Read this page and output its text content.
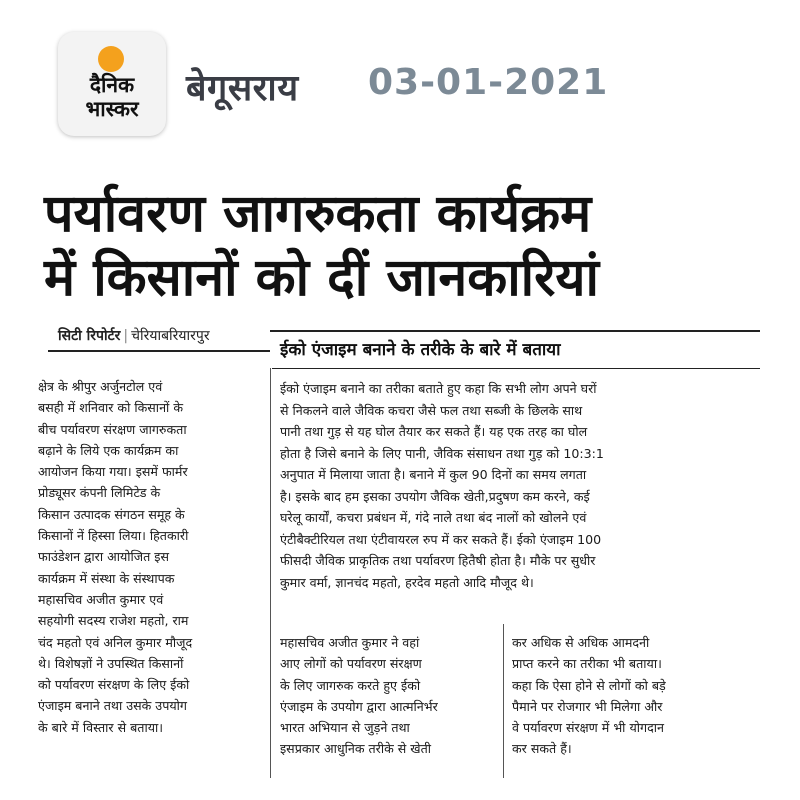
दैनिक
भास्कर	बेगूसराय 03-01-2021
पर्यावरण जागरुकता कार्यक्रम
में किसानों को दीं जानकारियां
सिटी रिपोर्टर | चेरियाबरियारपुर
ईको एंजाइम बनाने के तरीके के बारे में बताया
क्षेत्र के श्रीपुर अर्जुनटोल एवं
बसही में शनिवार को किसानों के
बीच पर्यावरण संरक्षण जागरुकता
बढ़ाने के लिये एक कार्यक्रम का
आयोजन किया गया। इसमें फार्मर
प्रोड्यूसर कंपनी लिमिटेड के
किसान उत्पादक संगठन समूह के
किसानों नें हिस्सा लिया। हितकारी
फाउंडेशन द्वारा आयोजित इस
कार्यक्रम में संस्था के संस्थापक
महासचिव अजीत कुमार एवं
सहयोगी सदस्य राजेश महतो, राम
चंद महतो एवं अनिल कुमार मौजूद
थे। विशेषज्ञों ने उपस्थित किसानों
को पर्यावरण संरक्षण के लिए ईको
एंजाइम बनाने तथा उसके उपयोग
के बारे में विस्तार से बताया।
ईको एंजाइम बनाने का तरीका बताते हुए कहा कि सभी लोग अपने घरों
से निकलने वाले जैविक कचरा जैसे फल तथा सब्जी के छिलके साथ
पानी तथा गुड़ से यह घोल तैयार कर सकते हैं। यह एक तरह का घोल
होता है जिसे बनाने के लिए पानी, जैविक संसाधन तथा गुड़ को 10:3:1
अनुपात में मिलाया जाता है। बनाने में कुल 90 दिनों का समय लगता
है। इसके बाद हम इसका उपयोग जैविक खेती,प्रदुषण कम करने, कई
घरेलू कार्यों, कचरा प्रबंधन में, गंदे नाले तथा बंद नालों को खोलने एवं
एंटीबैक्टीरियल तथा एंटीवायरल रुप में कर सकते हैं। ईको एंजाइम 100
फीसदी जैविक प्राकृतिक तथा पर्यावरण हितैषी होता है। मौके पर सुधीर
कुमार वर्मा, ज्ञानचंद महतो, हरदेव महतो आदि मौजूद थे।
महासचिव अजीत कुमार ने वहां
आए लोगों को पर्यावरण संरक्षण
के लिए जागरुक करते हुए ईको
एंजाइम के उपयोग द्वारा आत्मनिर्भर
भारत अभियान से जुड़ने तथा
इसप्रकार आधुनिक तरीके से खेती
कर अधिक से अधिक आमदनी
प्राप्त करने का तरीका भी बताया।
कहा कि ऐसा होने से लोगों को बड़े
पैमाने पर रोजगार भी मिलेगा और
वे पर्यावरण संरक्षण में भी योगदान
कर सकते हैं।
